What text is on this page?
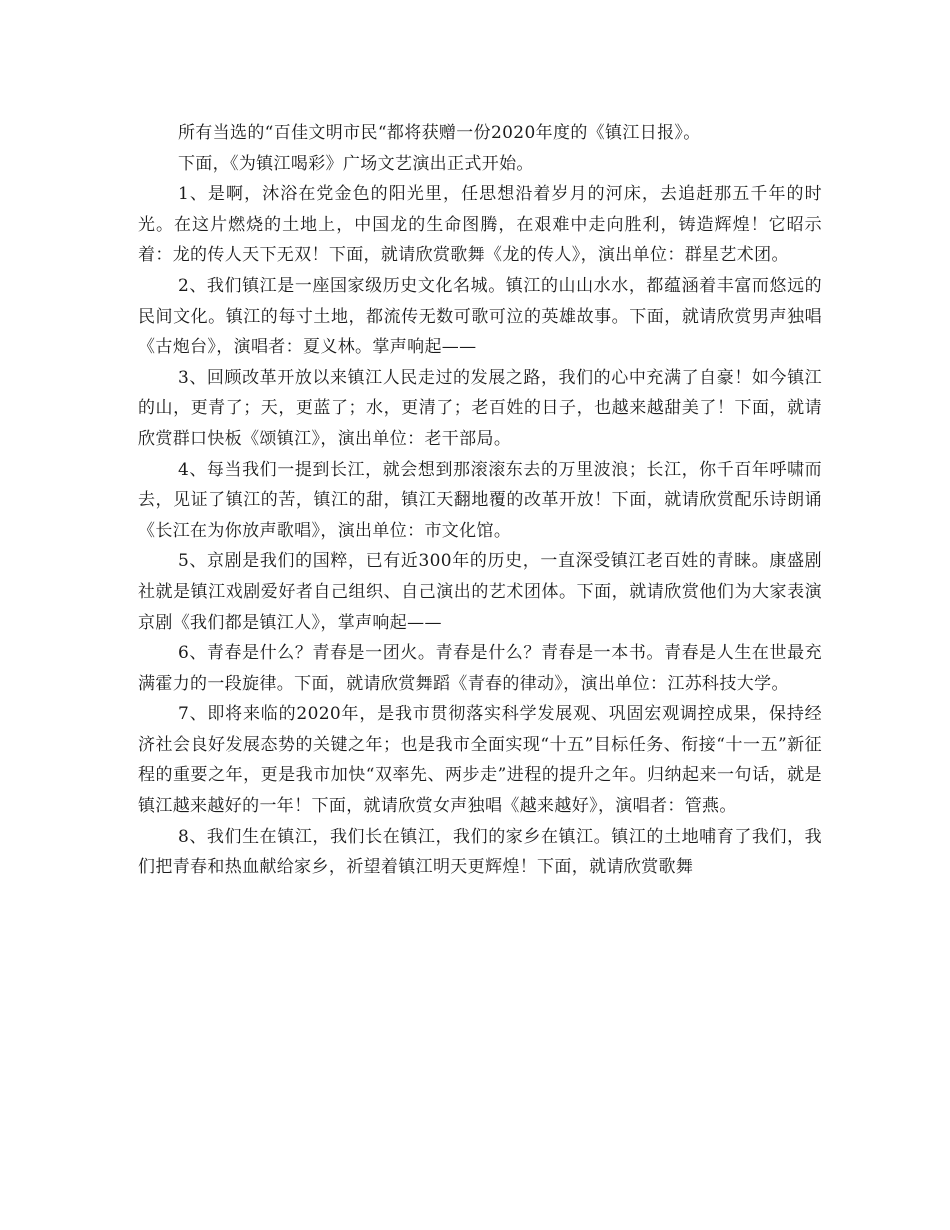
所有当选的“百佳文明市民“都将获赠一份2020年度的《镇江日报》。

下面，《为镇江喝彩》广场文艺演出正式开始。

1、是啊，沐浴在党金色的阳光里，任思想沿着岁月的河床，去追赶那五千年的时光。在这片燃烧的土地上，中国龙的生命图腾，在艰难中走向胜利，铸造辉煌！它昭示着：龙的传人天下无双！下面，就请欣赏歌舞《龙的传人》，演出单位：群星艺术团。

2、我们镇江是一座国家级历史文化名城。镇江的山山水水，都蕴涵着丰富而悠远的民间文化。镇江的每寸土地，都流传无数可歌可泣的英雄故事。下面，就请欣赏男声独唱《古炮台》，演唱者：夏义林。掌声响起——

3、回顾改革开放以来镇江人民走过的发展之路，我们的心中充满了自豪！如今镇江的山，更青了；天，更蓝了；水，更清了；老百姓的日子，也越来越甜美了！下面，就请欣赏群口快板《颂镇江》，演出单位：老干部局。

4、每当我们一提到长江，就会想到那滚滚东去的万里波浪；长江，你千百年呼啸而去，见证了镇江的苦，镇江的甜，镇江天翻地覆的改革开放！下面，就请欣赏配乐诗朗诵《长江在为你放声歌唱》，演出单位：市文化馆。

5、京剧是我们的国粹，已有近300年的历史，一直深受镇江老百姓的青睐。康盛剧社就是镇江戏剧爱好者自己组织、自己演出的艺术团体。下面，就请欣赏他们为大家表演京剧《我们都是镇江人》，掌声响起——

6、青春是什么？青春是一团火。青春是什么？青春是一本书。青春是人生在世最充满霍力的一段旋律。下面，就请欣赏舞蹈《青春的律动》，演出单位：江苏科技大学。

7、即将来临的2020年，是我市贯彻落实科学发展观、巩固宏观调控成果，保持经济社会良好发展态势的关键之年；也是我市全面实现“十五”目标任务、衔接“十一五”新征程的重要之年，更是我市加快“双率先、两步走”进程的提升之年。归纳起来一句话，就是镇江越来越好的一年！下面，就请欣赏女声独唱《越来越好》，演唱者：管燕。

8、我们生在镇江，我们长在镇江，我们的家乡在镇江。镇江的土地哺育了我们，我们把青春和热血献给家乡，祈望着镇江明天更辉煌！下面，就请欣赏歌舞
